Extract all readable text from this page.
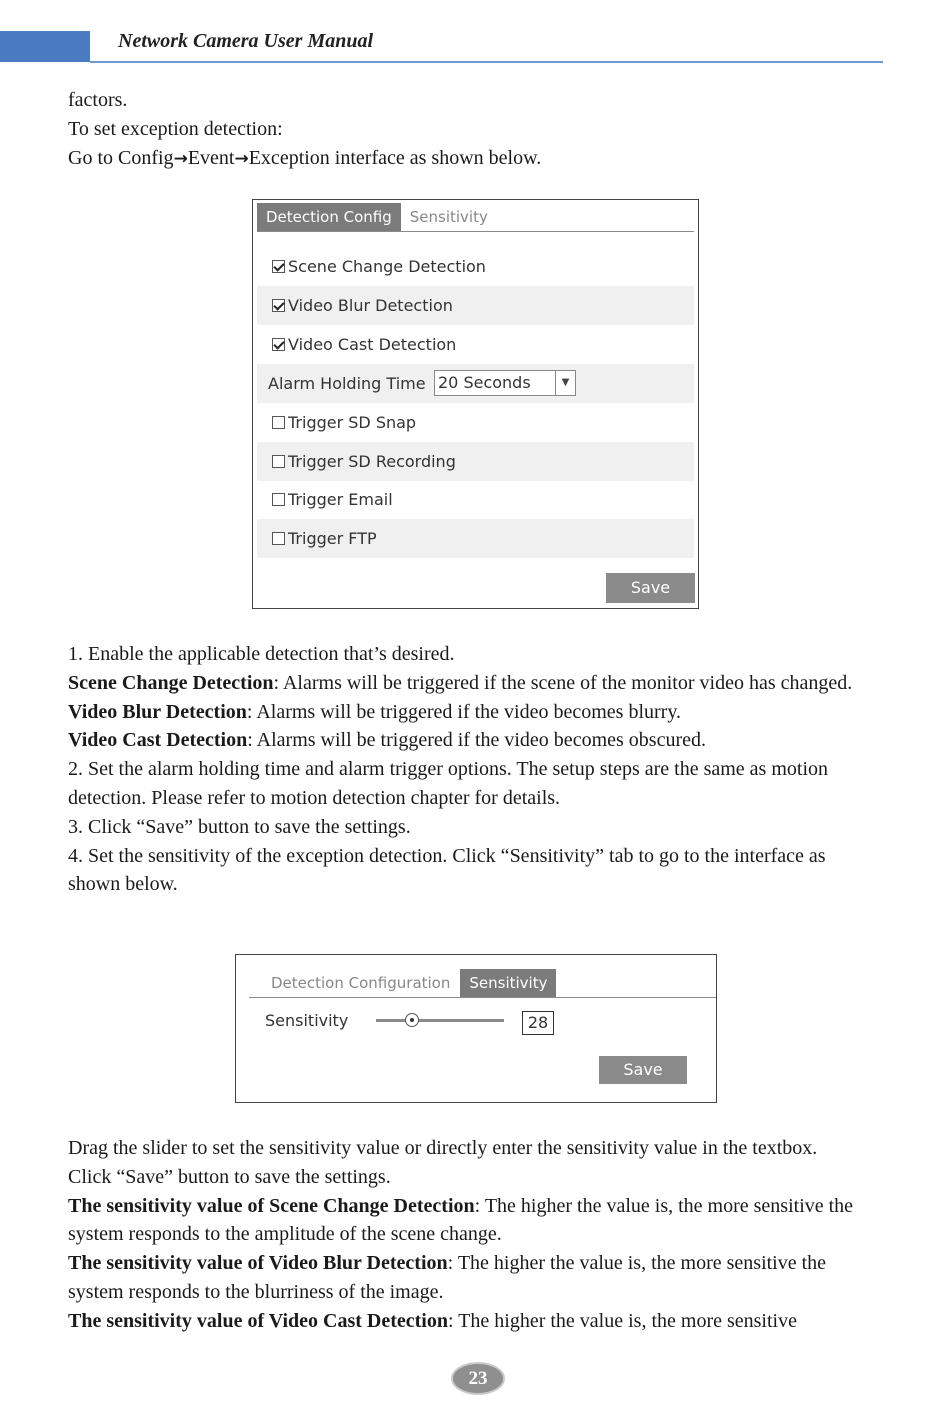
Network Camera User Manual

factors.

To set exception detection:

Go to Config→Event→Exception interface as shown below.

Detection Config	Sensitivity
Scene Change Detection
Video Blur Detection
Video Cast Detection
Alarm Holding Time 20 Seconds	▼
Trigger SD Snap
Trigger SD Recording
Trigger Email
Trigger FTP
Save

1. Enable the applicable detection that’s desired.

Scene Change Detection: Alarms will be triggered if the scene of the monitor video has changed.

Video Blur Detection: Alarms will be triggered if the video becomes blurry.

Video Cast Detection: Alarms will be triggered if the video becomes obscured.

2. Set the alarm holding time and alarm trigger options. The setup steps are the same as motion detection. Please refer to motion detection chapter for details.

3. Click “Save” button to save the settings.

4. Set the sensitivity of the exception detection. Click “Sensitivity” tab to go to the interface as shown below.

Detection Configuration	Sensitivity
Sensitivity	28
Save

Drag the slider to set the sensitivity value or directly enter the sensitivity value in the textbox.

Click “Save” button to save the settings.

The sensitivity value of Scene Change Detection: The higher the value is, the more sensitive the system responds to the amplitude of the scene change.

The sensitivity value of Video Blur Detection: The higher the value is, the more sensitive the system responds to the blurriness of the image.

The sensitivity value of Video Cast Detection: The higher the value is, the more sensitive

23
